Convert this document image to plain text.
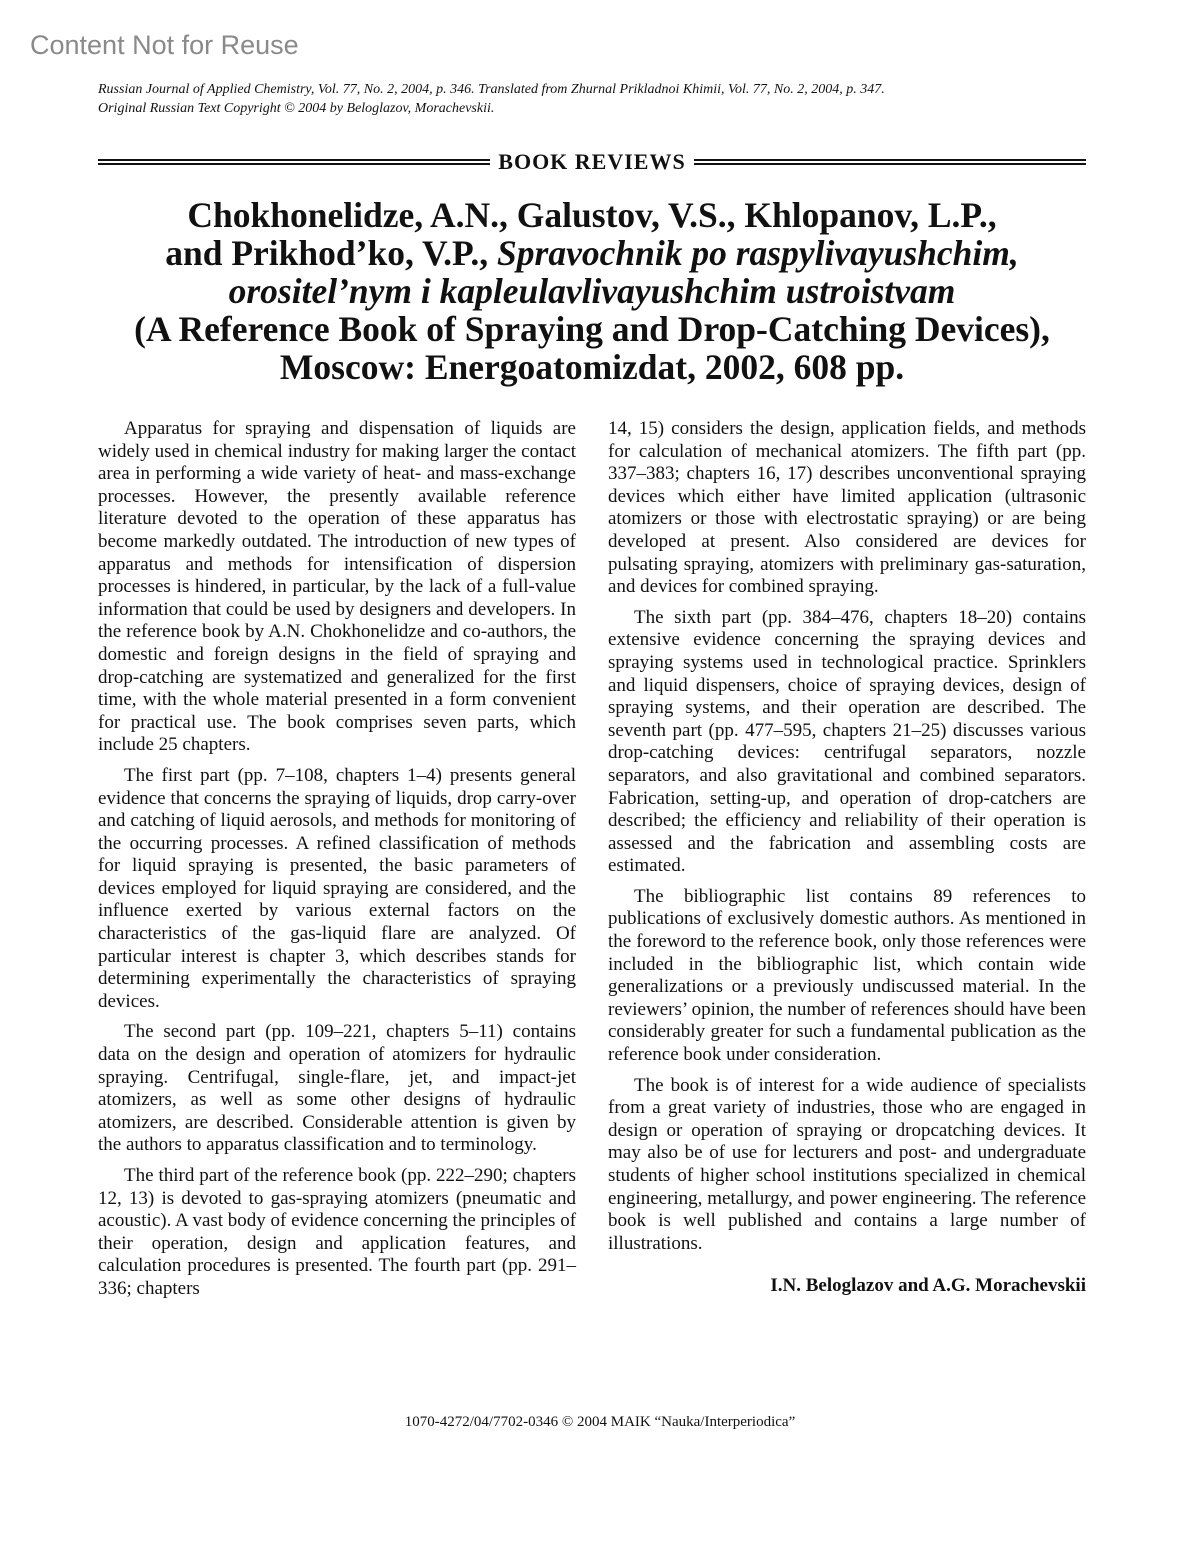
Content Not for Reuse

Russian Journal of Applied Chemistry, Vol. 77, No. 2, 2004, p. 346. Translated from Zhurnal Prikladnoi Khimii, Vol. 77, No. 2, 2004, p. 347.

Original Russian Text Copyright © 2004 by Beloglazov, Morachevskii.

BOOK REVIEWS
Chokhonelidze, A.N., Galustov, V.S., Khlopanov, L.P.,
and Prikhod’ko, V.P., Spravochnik po raspylivayushchim,
orositel’nym i kapleulavlivayushchim ustroistvam
(A Reference Book of Spraying and Drop-Catching Devices),
Moscow: Energoatomizdat, 2002, 608 pp.

Apparatus for spraying and dispensation of liquids are widely used in chemical industry for making larger the contact area in performing a wide variety of heat- and mass-exchange processes. However, the presently available reference literature devoted to the operation of these apparatus has become markedly outdated. The introduction of new types of apparatus and methods for intensification of dispersion processes is hindered, in particular, by the lack of a full-value information that could be used by designers and developers. In the reference book by A.N. Chokhonelidze and co-authors, the domestic and foreign designs in the field of spraying and drop-catching are systematized and generalized for the first time, with the whole material presented in a form convenient for practical use. The book comprises seven parts, which include 25 chapters.

The first part (pp. 7–108, chapters 1–4) presents general evidence that concerns the spraying of liquids, drop carry-over and catching of liquid aerosols, and methods for monitoring of the occurring processes. A refined classification of methods for liquid spraying is presented, the basic parameters of devices employed for liquid spraying are considered, and the influence exerted by various external factors on the characteristics of the gas-liquid flare are analyzed. Of particular interest is chapter 3, which describes stands for determining experimentally the characteristics of spraying devices.

The second part (pp. 109–221, chapters 5–11) contains data on the design and operation of atomizers for hydraulic spraying. Centrifugal, single-flare, jet, and impact-jet atomizers, as well as some other designs of hydraulic atomizers, are described. Considerable attention is given by the authors to apparatus classification and to terminology.

The third part of the reference book (pp. 222–290; chapters 12, 13) is devoted to gas-spraying atomizers (pneumatic and acoustic). A vast body of evidence concerning the principles of their operation, design and application features, and calculation procedures is presented. The fourth part (pp. 291–336; chapters

14, 15) considers the design, application fields, and methods for calculation of mechanical atomizers. The fifth part (pp. 337–383; chapters 16, 17) describes unconventional spraying devices which either have limited application (ultrasonic atomizers or those with electrostatic spraying) or are being developed at present. Also considered are devices for pulsating spraying, atomizers with preliminary gas-saturation, and devices for combined spraying.

The sixth part (pp. 384–476, chapters 18–20) contains extensive evidence concerning the spraying devices and spraying systems used in technological practice. Sprinklers and liquid dispensers, choice of spraying devices, design of spraying systems, and their operation are described. The seventh part (pp. 477–595, chapters 21–25) discusses various drop-catching devices: centrifugal separators, nozzle separators, and also gravitational and combined separators. Fabrication, setting-up, and operation of drop-catchers are described; the efficiency and reliability of their operation is assessed and the fabrication and assembling costs are estimated.

The bibliographic list contains 89 references to publications of exclusively domestic authors. As mentioned in the foreword to the reference book, only those references were included in the bibliographic list, which contain wide generalizations or a previously undiscussed material. In the reviewers’ opinion, the number of references should have been considerably greater for such a fundamental publication as the reference book under consideration.

The book is of interest for a wide audience of specialists from a great variety of industries, those who are engaged in design or operation of spraying or dropcatching devices. It may also be of use for lecturers and post- and undergraduate students of higher school institutions specialized in chemical engineering, metallurgy, and power engineering. The reference book is well published and contains a large number of illustrations.

I.N. Beloglazov and A.G. Morachevskii
1070-4272/04/7702-0346 © 2004 MAIK “Nauka/Interperiodica”
